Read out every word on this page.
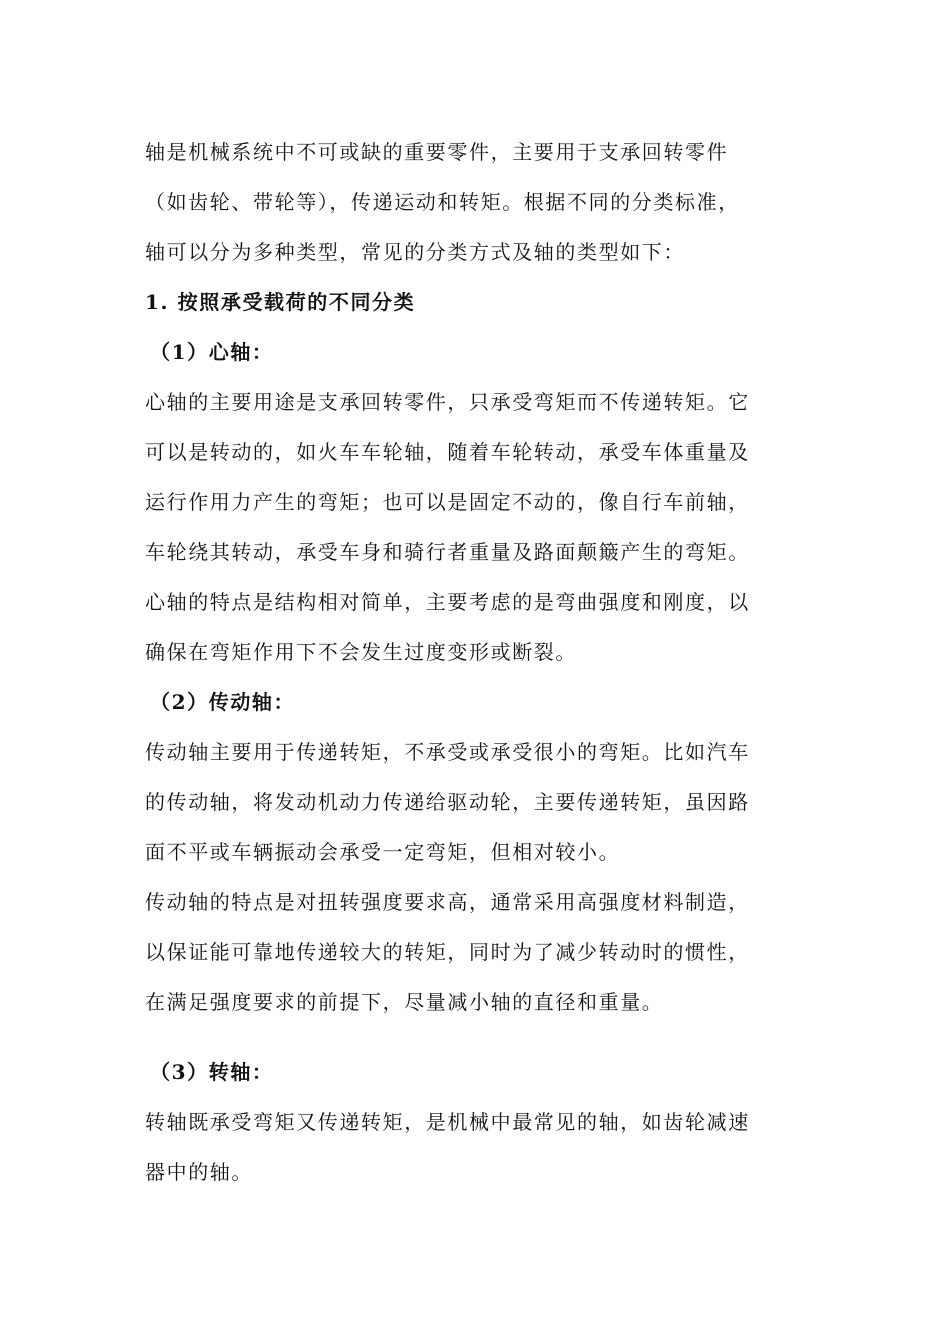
轴是机械系统中不可或缺的重要零件，主要用于支承回转零件
（如齿轮、带轮等），传递运动和转矩。根据不同的分类标准，
轴可以分为多种类型，常见的分类方式及轴的类型如下：
1. 按照承受载荷的不同分类
（1）心轴：
心轴的主要用途是支承回转零件，只承受弯矩而不传递转矩。它
可以是转动的，如火车车轮轴，随着车轮转动，承受车体重量及
运行作用力产生的弯矩；也可以是固定不动的，像自行车前轴，
车轮绕其转动，承受车身和骑行者重量及路面颠簸产生的弯矩。
心轴的特点是结构相对简单，主要考虑的是弯曲强度和刚度，以
确保在弯矩作用下不会发生过度变形或断裂。
（2）传动轴：
传动轴主要用于传递转矩，不承受或承受很小的弯矩。比如汽车
的传动轴，将发动机动力传递给驱动轮，主要传递转矩，虽因路
面不平或车辆振动会承受一定弯矩，但相对较小。
传动轴的特点是对扭转强度要求高，通常采用高强度材料制造，
以保证能可靠地传递较大的转矩，同时为了减少转动时的惯性，
在满足强度要求的前提下，尽量减小轴的直径和重量。
（3）转轴：
转轴既承受弯矩又传递转矩，是机械中最常见的轴，如齿轮减速
器中的轴。
